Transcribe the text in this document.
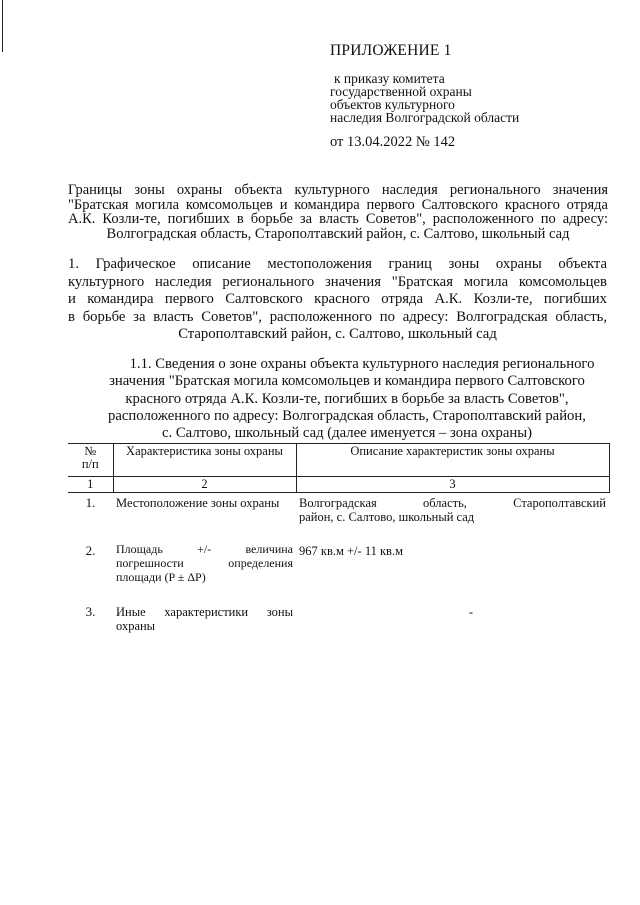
ПРИЛОЖЕНИЕ 1
к приказу комитета
государственной охраны
объектов культурного
наследия Волгоградской области
от 13.04.2022 № 142
Границы зоны охраны объекта культурного наследия регионального значения
"Братская могила комсомольцев и командира первого Салтовского красного отряда
А.К. Козли-те, погибших в борьбе за власть Советов", расположенного по адресу:
Волгоградская область, Старополтавский район, с. Салтово, школьный сад
1. Графическое описание местоположения границ зоны охраны объекта
культурного наследия регионального значения "Братская могила комсомольцев
и командира первого Салтовского красного отряда А.К. Козли-те, погибших
в борьбе за власть Советов", расположенного по адресу: Волгоградская область,
Старополтавский район, с. Салтово, школьный сад
1.1. Сведения о зоне охраны объекта культурного наследия регионального
значения "Братская могила комсомольцев и командира первого Салтовского
красного отряда А.К. Козли-те, погибших в борьбе за власть Советов",
расположенного по адресу: Волгоградская область, Старополтавский район,
с. Салтово, школьный сад (далее именуется – зона охраны)
№
п/п	Характеристика зоны охраны	Описание характеристик зоны охраны
1	2	3
1.	Местоположение зоны охраны	Волгоградская область, Старополтавский
район, с. Салтово, школьный сад

2.	Площадь +/- величина
погрешности определения
площади (P ± ΔP)	967 кв.м +/- 11 кв.м
3.	Иные характеристики зоны
охраны	-
